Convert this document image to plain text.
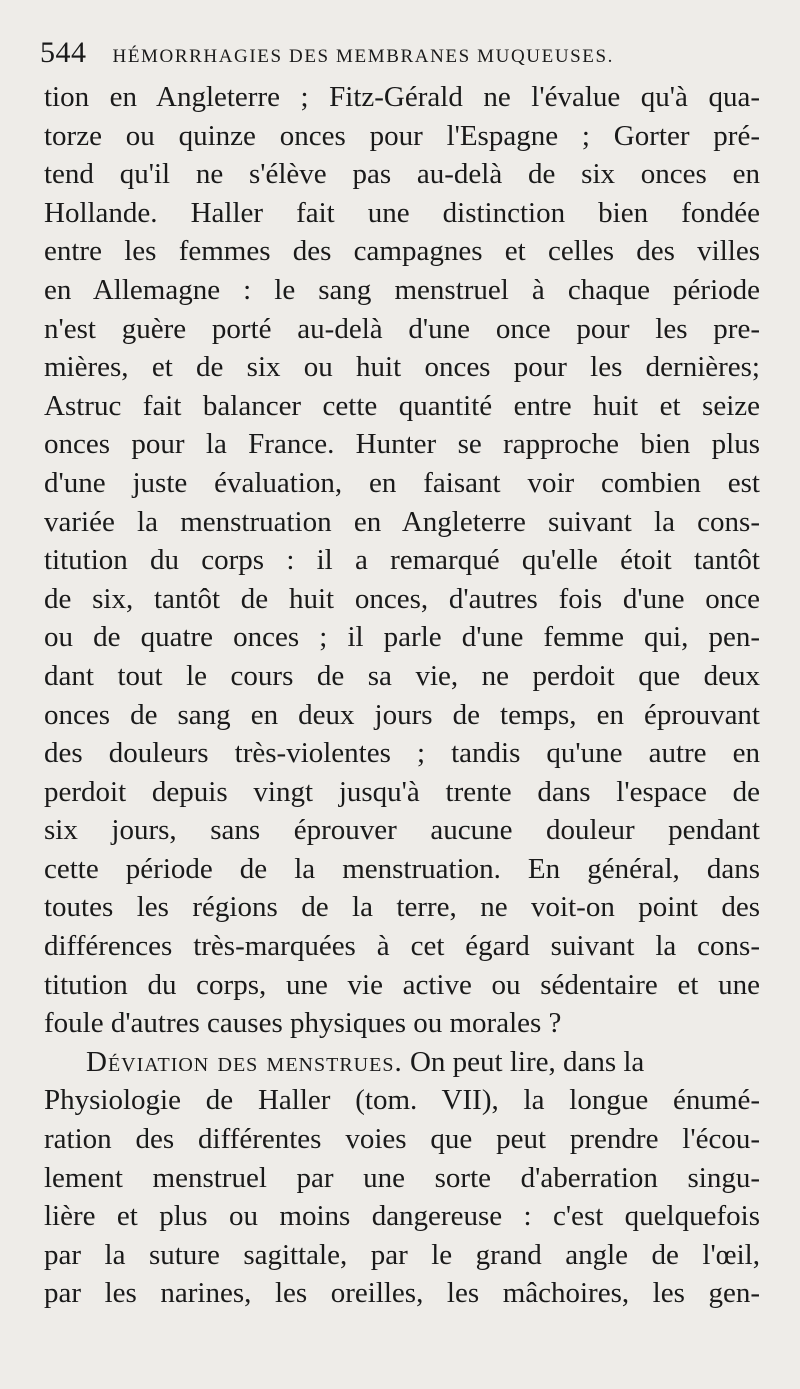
544 HÉMORRHAGIES DES MEMBRANES MUQUEUSES.
tion en Angleterre ; Fitz-Gérald ne l'évalue qu'à qua-
torze ou quinze onces pour l'Espagne ; Gorter pré-
tend qu'il ne s'élève pas au-delà de six onces en
Hollande. Haller fait une distinction bien fondée
entre les femmes des campagnes et celles des villes
en Allemagne : le sang menstruel à chaque période
n'est guère porté au-delà d'une once pour les pre-
mières, et de six ou huit onces pour les dernières;
Astruc fait balancer cette quantité entre huit et seize
onces pour la France. Hunter se rapproche bien plus
d'une juste évaluation, en faisant voir combien est
variée la menstruation en Angleterre suivant la cons-
titution du corps : il a remarqué qu'elle étoit tantôt
de six, tantôt de huit onces, d'autres fois d'une once
ou de quatre onces ; il parle d'une femme qui, pen-
dant tout le cours de sa vie, ne perdoit que deux
onces de sang en deux jours de temps, en éprouvant
des douleurs très-violentes ; tandis qu'une autre en
perdoit depuis vingt jusqu'à trente dans l'espace de
six jours, sans éprouver aucune douleur pendant
cette période de la menstruation. En général, dans
toutes les régions de la terre, ne voit-on point des
différences très-marquées à cet égard suivant la cons-
titution du corps, une vie active ou sédentaire et une
foule d'autres causes physiques ou morales ?
Déviation des menstrues. On peut lire, dans la
Physiologie de Haller (tom. VII), la longue énumé-
ration des différentes voies que peut prendre l'écou-
lement menstruel par une sorte d'aberration singu-
lière et plus ou moins dangereuse : c'est quelquefois
par la suture sagittale, par le grand angle de l'œil,
par les narines, les oreilles, les mâchoires, les gen-
